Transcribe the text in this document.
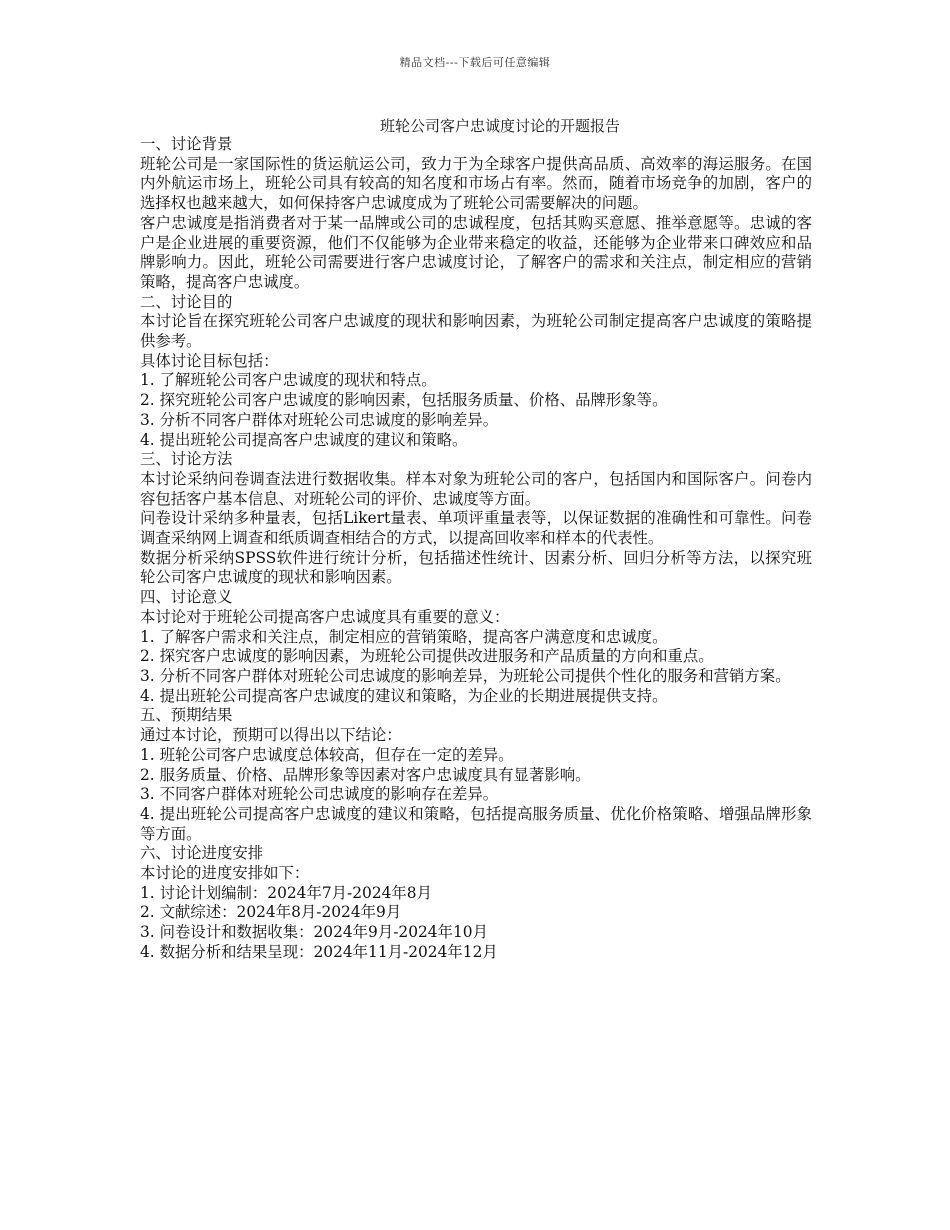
精品文档---下载后可任意编辑
班轮公司客户忠诚度讨论的开题报告

一、讨论背景

班轮公司是一家国际性的货运航运公司，致力于为全球客户提供高品质、高效率的海运服务。在国内外航运市场上，班轮公司具有较高的知名度和市场占有率。然而，随着市场竞争的加剧，客户的选择权也越来越大，如何保持客户忠诚度成为了班轮公司需要解决的问题。

客户忠诚度是指消费者对于某一品牌或公司的忠诚程度，包括其购买意愿、推举意愿等。忠诚的客户是企业进展的重要资源，他们不仅能够为企业带来稳定的收益，还能够为企业带来口碑效应和品牌影响力。因此，班轮公司需要进行客户忠诚度讨论，了解客户的需求和关注点，制定相应的营销策略，提高客户忠诚度。

二、讨论目的

本讨论旨在探究班轮公司客户忠诚度的现状和影响因素，为班轮公司制定提高客户忠诚度的策略提供参考。

具体讨论目标包括：

1. 了解班轮公司客户忠诚度的现状和特点。

2. 探究班轮公司客户忠诚度的影响因素，包括服务质量、价格、品牌形象等。

3. 分析不同客户群体对班轮公司忠诚度的影响差异。

4. 提出班轮公司提高客户忠诚度的建议和策略。

三、讨论方法

本讨论采纳问卷调查法进行数据收集。样本对象为班轮公司的客户，包括国内和国际客户。问卷内容包括客户基本信息、对班轮公司的评价、忠诚度等方面。

问卷设计采纳多种量表，包括Likert量表、单项评重量表等，以保证数据的准确性和可靠性。问卷调查采纳网上调查和纸质调查相结合的方式，以提高回收率和样本的代表性。

数据分析采纳SPSS软件进行统计分析，包括描述性统计、因素分析、回归分析等方法，以探究班轮公司客户忠诚度的现状和影响因素。

四、讨论意义

本讨论对于班轮公司提高客户忠诚度具有重要的意义：

1. 了解客户需求和关注点，制定相应的营销策略，提高客户满意度和忠诚度。

2. 探究客户忠诚度的影响因素，为班轮公司提供改进服务和产品质量的方向和重点。

3. 分析不同客户群体对班轮公司忠诚度的影响差异，为班轮公司提供个性化的服务和营销方案。

4. 提出班轮公司提高客户忠诚度的建议和策略，为企业的长期进展提供支持。

五、预期结果

通过本讨论，预期可以得出以下结论：

1. 班轮公司客户忠诚度总体较高，但存在一定的差异。

2. 服务质量、价格、品牌形象等因素对客户忠诚度具有显著影响。

3. 不同客户群体对班轮公司忠诚度的影响存在差异。

4. 提出班轮公司提高客户忠诚度的建议和策略，包括提高服务质量、优化价格策略、增强品牌形象等方面。

六、讨论进度安排

本讨论的进度安排如下：

1. 讨论计划编制：2024年7月-2024年8月

2. 文献综述：2024年8月-2024年9月

3. 问卷设计和数据收集：2024年9月-2024年10月

4. 数据分析和结果呈现：2024年11月-2024年12月
